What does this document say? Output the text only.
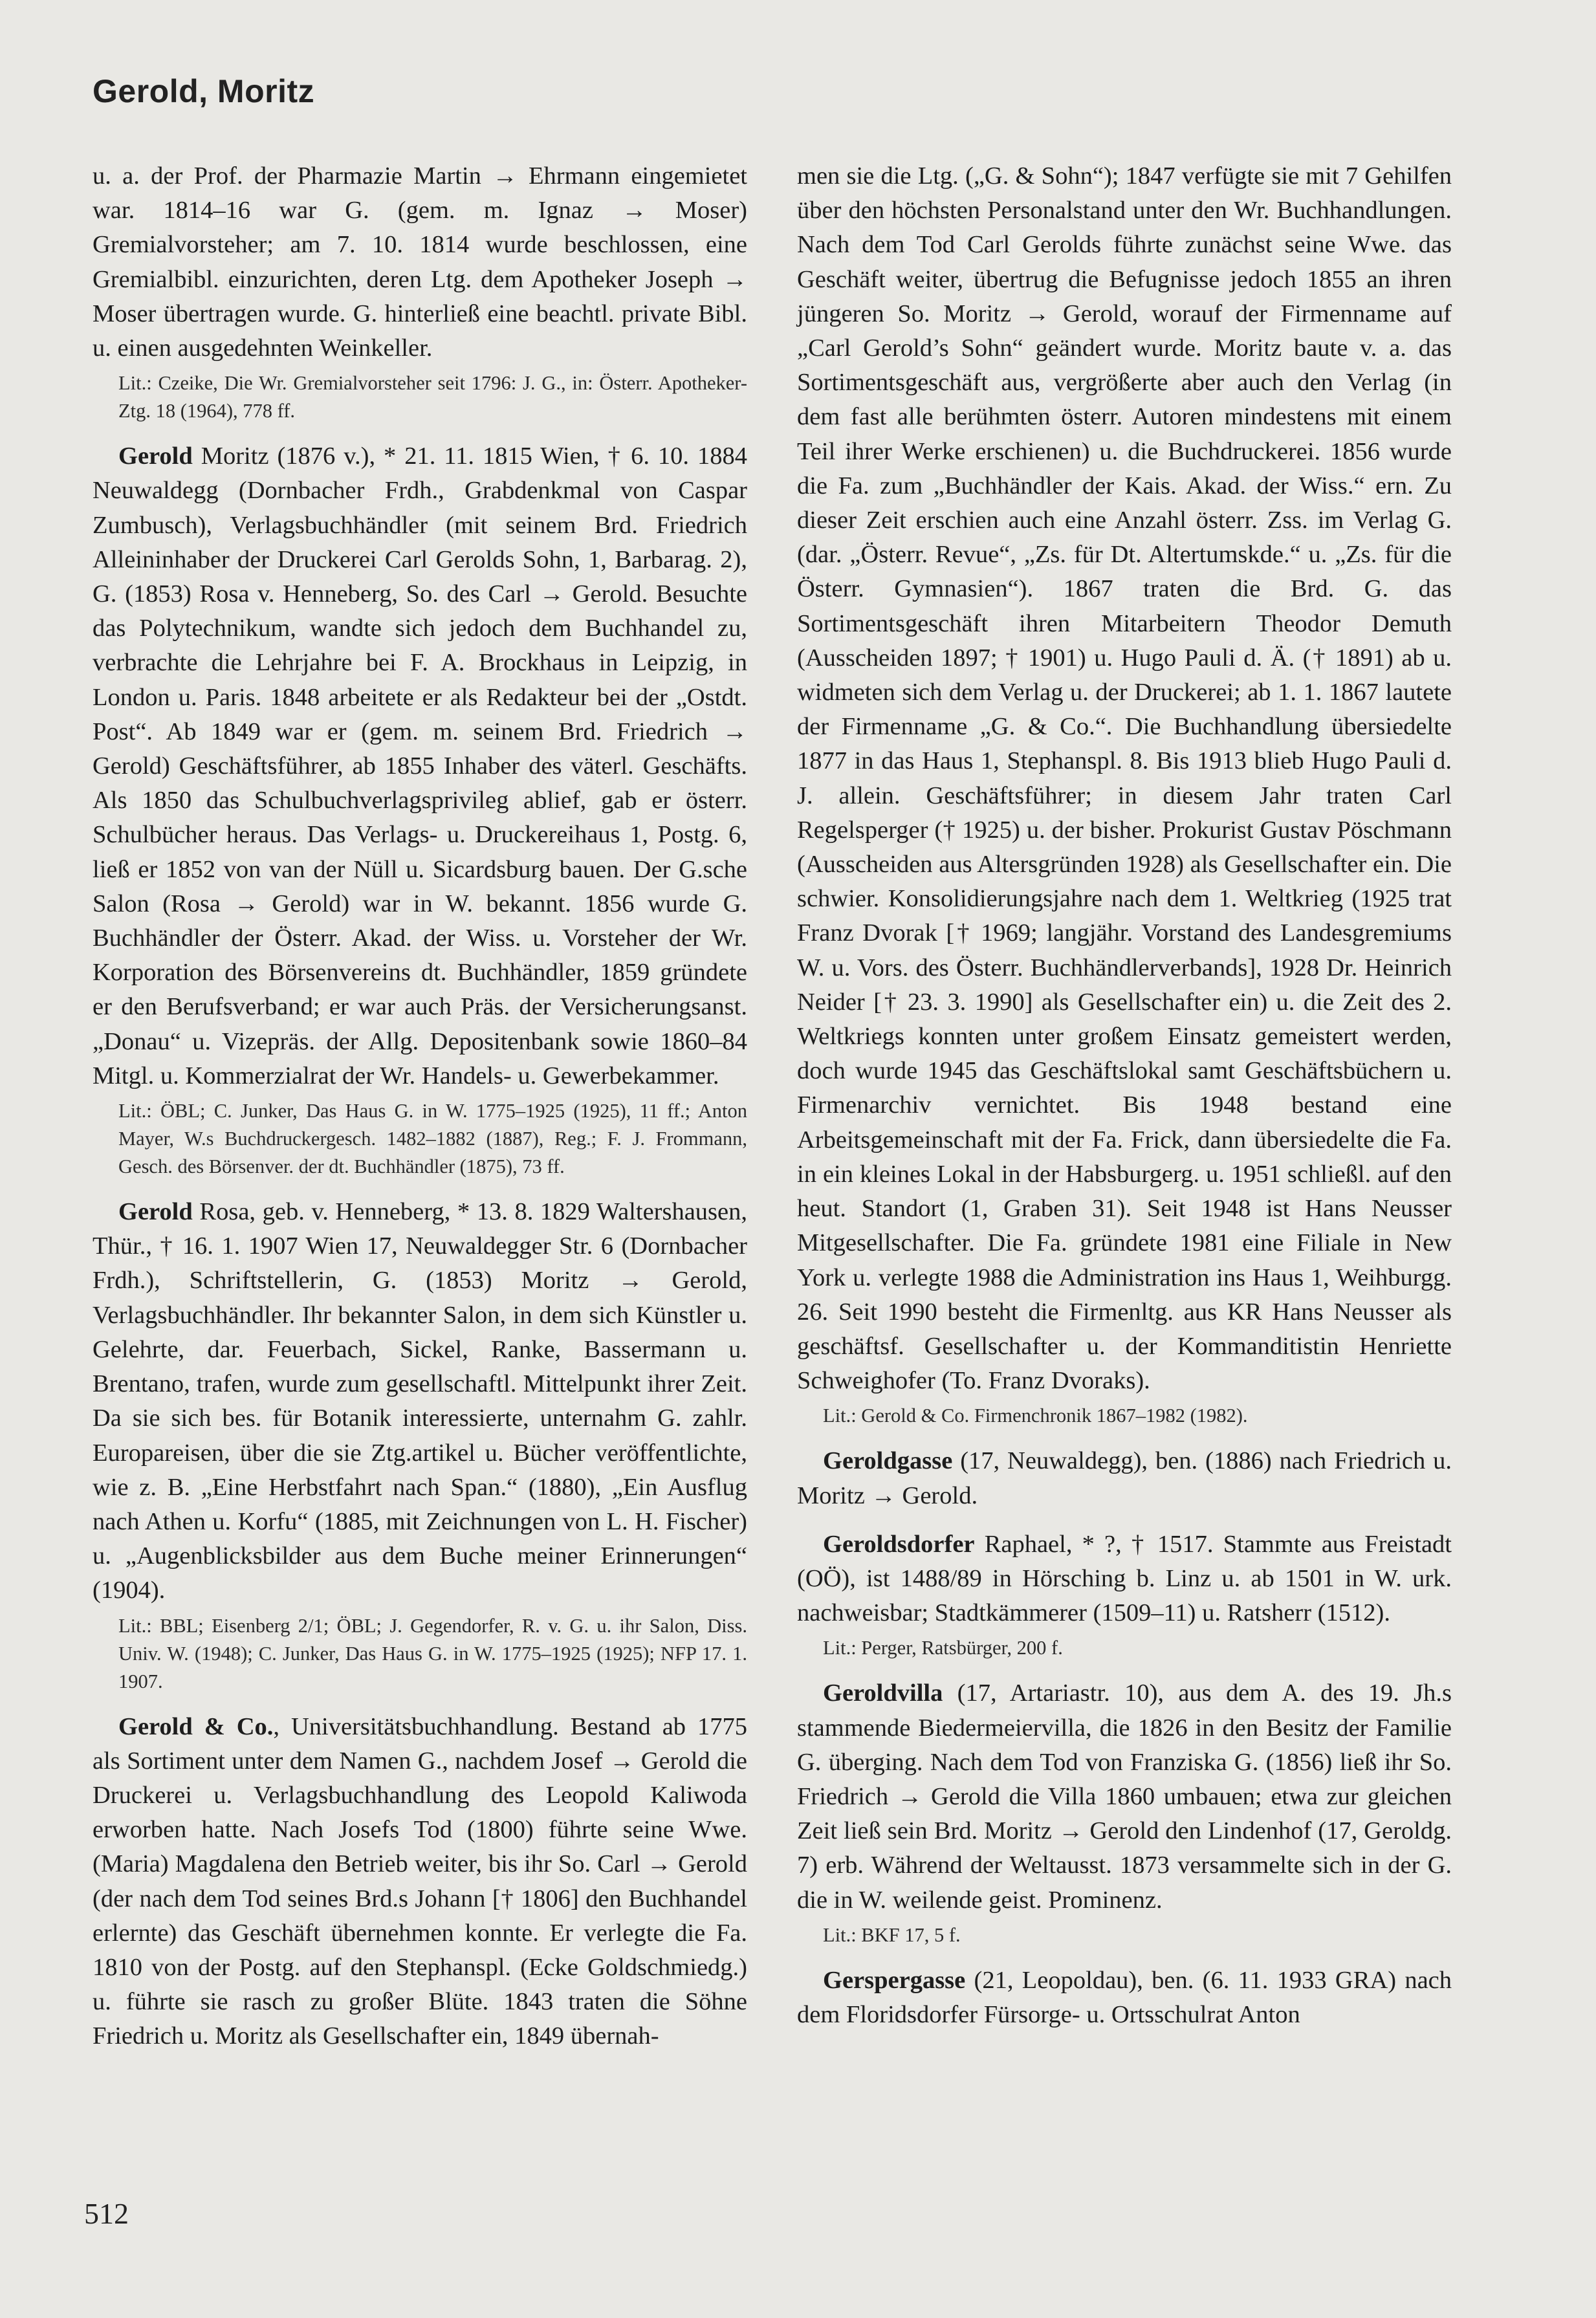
Gerold, Moritz

u. a. der Prof. der Pharmazie Martin → Ehrmann eingemietet war. 1814–16 war G. (gem. m. Ignaz → Moser) Gremialvorsteher; am 7. 10. 1814 wurde beschlossen, eine Gremialbibl. einzurichten, deren Ltg. dem Apotheker Joseph → Moser übertragen wurde. G. hinterließ eine beachtl. private Bibl. u. einen ausgedehnten Weinkeller.

Lit.: Czeike, Die Wr. Gremialvorsteher seit 1796: J. G., in: Österr. Apotheker-Ztg. 18 (1964), 778 ff.

Gerold Moritz (1876 v.), * 21. 11. 1815 Wien, † 6. 10. 1884 Neuwaldegg (Dornbacher Frdh., Grabdenkmal von Caspar Zumbusch), Verlagsbuchhändler (mit seinem Brd. Friedrich Alleininhaber der Druckerei Carl Gerolds Sohn, 1, Barbarag. 2), G. (1853) Rosa v. Henneberg, So. des Carl → Gerold. Besuchte das Polytechnikum, wandte sich jedoch dem Buchhandel zu, verbrachte die Lehrjahre bei F. A. Brockhaus in Leipzig, in London u. Paris. 1848 arbeitete er als Redakteur bei der „Ostdt. Post“. Ab 1849 war er (gem. m. seinem Brd. Friedrich → Gerold) Geschäftsführer, ab 1855 Inhaber des väterl. Geschäfts. Als 1850 das Schulbuchverlagsprivileg ablief, gab er österr. Schulbücher heraus. Das Verlags- u. Druckereihaus 1, Postg. 6, ließ er 1852 von van der Nüll u. Sicardsburg bauen. Der G.sche Salon (Rosa → Gerold) war in W. bekannt. 1856 wurde G. Buchhändler der Österr. Akad. der Wiss. u. Vorsteher der Wr. Korporation des Börsenvereins dt. Buchhändler, 1859 gründete er den Berufsverband; er war auch Präs. der Versicherungsanst. „Donau“ u. Vizepräs. der Allg. Depositenbank sowie 1860–84 Mitgl. u. Kommerzialrat der Wr. Handels- u. Gewerbekammer.

Lit.: ÖBL; C. Junker, Das Haus G. in W. 1775–1925 (1925), 11 ff.; Anton Mayer, W.s Buchdruckergesch. 1482–1882 (1887), Reg.; F. J. Frommann, Gesch. des Börsenver. der dt. Buchhändler (1875), 73 ff.

Gerold Rosa, geb. v. Henneberg, * 13. 8. 1829 Waltershausen, Thür., † 16. 1. 1907 Wien 17, Neuwaldegger Str. 6 (Dornbacher Frdh.), Schriftstellerin, G. (1853) Moritz → Gerold, Verlagsbuchhändler. Ihr bekannter Salon, in dem sich Künstler u. Gelehrte, dar. Feuerbach, Sickel, Ranke, Bassermann u. Brentano, trafen, wurde zum gesellschaftl. Mittelpunkt ihrer Zeit. Da sie sich bes. für Botanik interessierte, unternahm G. zahlr. Europareisen, über die sie Ztg.artikel u. Bücher veröffentlichte, wie z. B. „Eine Herbstfahrt nach Span.“ (1880), „Ein Ausflug nach Athen u. Korfu“ (1885, mit Zeichnungen von L. H. Fischer) u. „Augenblicksbilder aus dem Buche meiner Erinnerungen“ (1904).

Lit.: BBL; Eisenberg 2/1; ÖBL; J. Gegendorfer, R. v. G. u. ihr Salon, Diss. Univ. W. (1948); C. Junker, Das Haus G. in W. 1775–1925 (1925); NFP 17. 1. 1907.

Gerold & Co., Universitätsbuchhandlung. Bestand ab 1775 als Sortiment unter dem Namen G., nachdem Josef → Gerold die Druckerei u. Verlagsbuchhandlung des Leopold Kaliwoda erworben hatte. Nach Josefs Tod (1800) führte seine Wwe. (Maria) Magdalena den Betrieb weiter, bis ihr So. Carl → Gerold (der nach dem Tod seines Brd.s Johann [† 1806] den Buchhandel erlernte) das Geschäft übernehmen konnte. Er verlegte die Fa. 1810 von der Postg. auf den Stephanspl. (Ecke Goldschmiedg.) u. führte sie rasch zu großer Blüte. 1843 traten die Söhne Friedrich u. Moritz als Gesellschafter ein, 1849 übernah-

men sie die Ltg. („G. & Sohn“); 1847 verfügte sie mit 7 Gehilfen über den höchsten Personalstand unter den Wr. Buchhandlungen. Nach dem Tod Carl Gerolds führte zunächst seine Wwe. das Geschäft weiter, übertrug die Befugnisse jedoch 1855 an ihren jüngeren So. Moritz → Gerold, worauf der Firmenname auf „Carl Gerold’s Sohn“ geändert wurde. Moritz baute v. a. das Sortimentsgeschäft aus, vergrößerte aber auch den Verlag (in dem fast alle berühmten österr. Autoren mindestens mit einem Teil ihrer Werke erschienen) u. die Buchdruckerei. 1856 wurde die Fa. zum „Buchhändler der Kais. Akad. der Wiss.“ ern. Zu dieser Zeit erschien auch eine Anzahl österr. Zss. im Verlag G. (dar. „Österr. Revue“, „Zs. für Dt. Altertumskde.“ u. „Zs. für die Österr. Gymnasien“). 1867 traten die Brd. G. das Sortimentsgeschäft ihren Mitarbeitern Theodor Demuth (Ausscheiden 1897; † 1901) u. Hugo Pauli d. Ä. († 1891) ab u. widmeten sich dem Verlag u. der Druckerei; ab 1. 1. 1867 lautete der Firmenname „G. & Co.“. Die Buchhandlung übersiedelte 1877 in das Haus 1, Stephanspl. 8. Bis 1913 blieb Hugo Pauli d. J. allein. Geschäftsführer; in diesem Jahr traten Carl Regelsperger († 1925) u. der bisher. Prokurist Gustav Pöschmann (Ausscheiden aus Altersgründen 1928) als Gesellschafter ein. Die schwier. Konsolidierungsjahre nach dem 1. Weltkrieg (1925 trat Franz Dvorak [† 1969; langjähr. Vorstand des Landesgremiums W. u. Vors. des Österr. Buchhändlerverbands], 1928 Dr. Heinrich Neider [† 23. 3. 1990] als Gesellschafter ein) u. die Zeit des 2. Weltkriegs konnten unter großem Einsatz gemeistert werden, doch wurde 1945 das Geschäftslokal samt Geschäftsbüchern u. Firmenarchiv vernichtet. Bis 1948 bestand eine Arbeitsgemeinschaft mit der Fa. Frick, dann übersiedelte die Fa. in ein kleines Lokal in der Habsburgerg. u. 1951 schließl. auf den heut. Standort (1, Graben 31). Seit 1948 ist Hans Neusser Mitgesellschafter. Die Fa. gründete 1981 eine Filiale in New York u. verlegte 1988 die Administration ins Haus 1, Weihburgg. 26. Seit 1990 besteht die Firmenltg. aus KR Hans Neusser als geschäftsf. Gesellschafter u. der Kommanditistin Henriette Schweighofer (To. Franz Dvoraks).

Lit.: Gerold & Co. Firmenchronik 1867–1982 (1982).

Geroldgasse (17, Neuwaldegg), ben. (1886) nach Friedrich u. Moritz → Gerold.

Geroldsdorfer Raphael, * ?, † 1517. Stammte aus Freistadt (OÖ), ist 1488/89 in Hörsching b. Linz u. ab 1501 in W. urk. nachweisbar; Stadtkämmerer (1509–11) u. Ratsherr (1512).

Lit.: Perger, Ratsbürger, 200 f.

Geroldvilla (17, Artariastr. 10), aus dem A. des 19. Jh.s stammende Biedermeiervilla, die 1826 in den Besitz der Familie G. überging. Nach dem Tod von Franziska G. (1856) ließ ihr So. Friedrich → Gerold die Villa 1860 umbauen; etwa zur gleichen Zeit ließ sein Brd. Moritz → Gerold den Lindenhof (17, Geroldg. 7) erb. Während der Weltausst. 1873 versammelte sich in der G. die in W. weilende geist. Prominenz.

Lit.: BKF 17, 5 f.

Gerspergasse (21, Leopoldau), ben. (6. 11. 1933 GRA) nach dem Floridsdorfer Fürsorge- u. Ortsschulrat Anton

512
